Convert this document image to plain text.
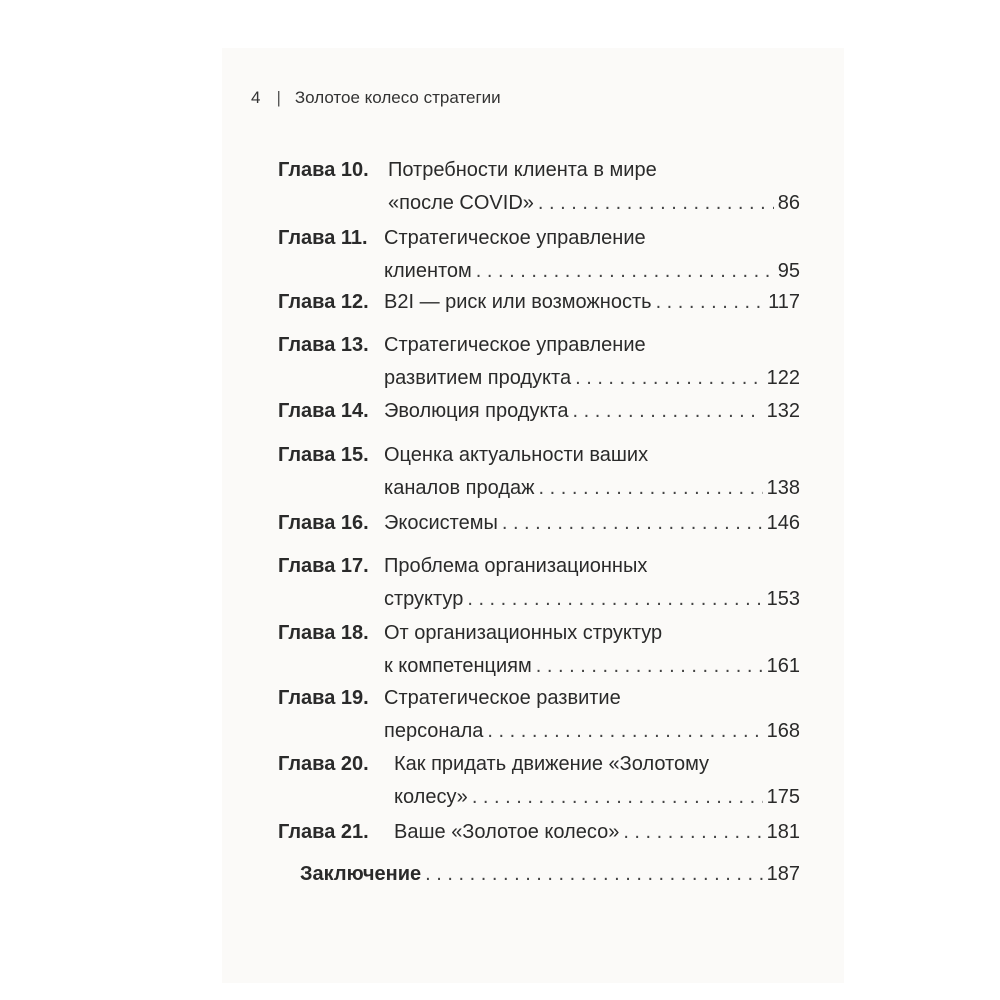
4 | Золотое колесо стратегии
Глава 10. Потребности клиента в мире
«после COVID» . . .	86
Глава 11. Стратегическое управление
клиентом . . .	95
Глава 12. B2I — риск или возможность . . .	117
Глава 13. Стратегическое управление
развитием продукта . . .	122
Глава 14. Эволюция продукта . . .	132
Глава 15. Оценка актуальности ваших
каналов продаж . . .	138
Глава 16. Экосистемы . . .	146
Глава 17. Проблема организационных
структур . . .	153
Глава 18. От организационных структур
к компетенциям . . .	161
Глава 19. Стратегическое развитие
персонала . . .	168
Глава 20. Как придать движение «Золотому
колесу» . . .	175
Глава 21. Ваше «Золотое колесо» . . .	181
Заключение . . .	187
